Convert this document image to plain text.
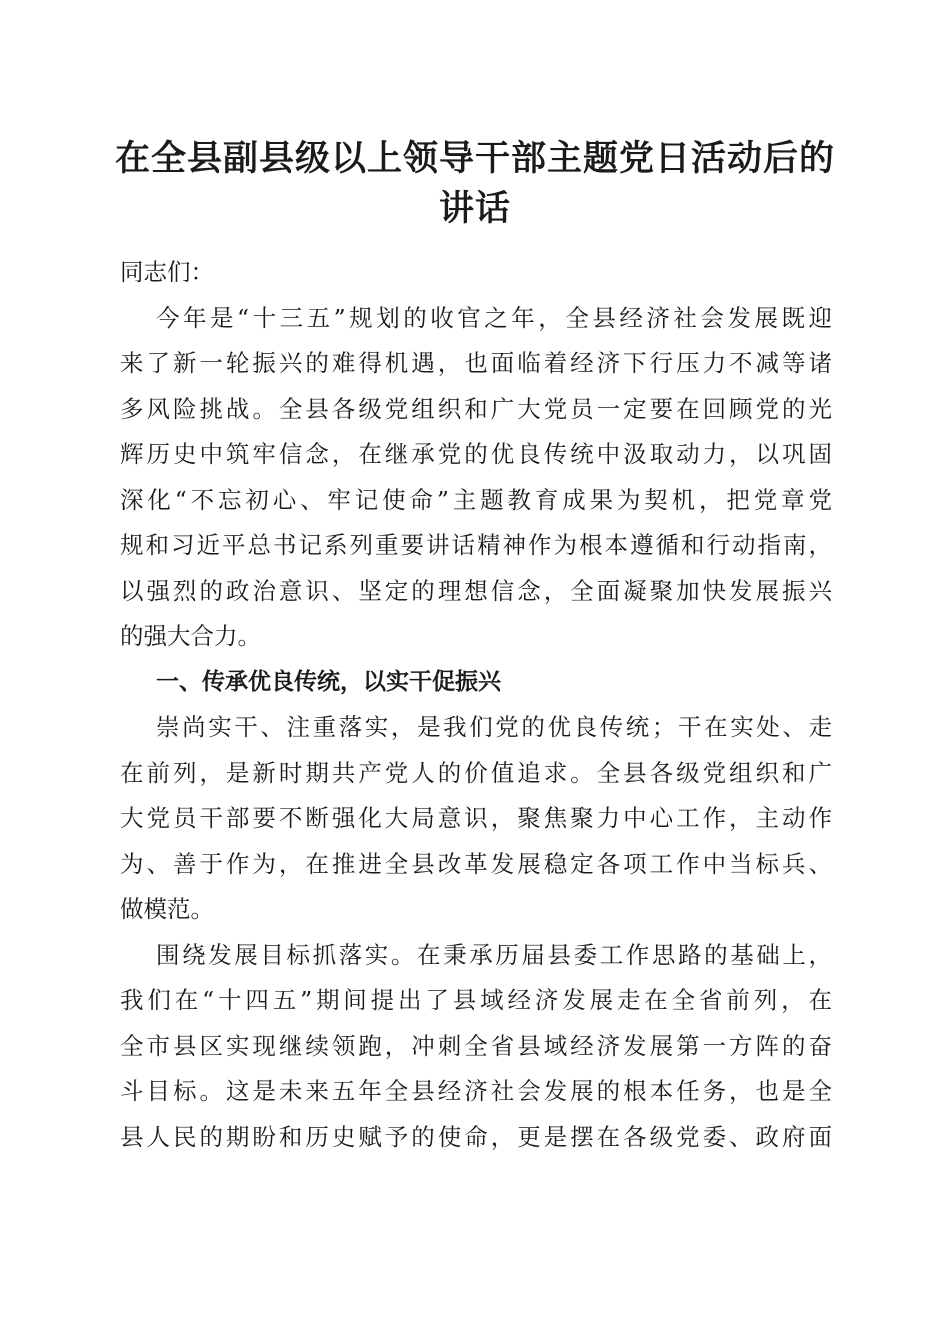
在全县副县级以上领导干部主题党日活动后的
讲话
同志们：
今年是“十三五”规划的收官之年，全县经济社会发展既迎
来了新一轮振兴的难得机遇，也面临着经济下行压力不减等诸
多风险挑战。全县各级党组织和广大党员一定要在回顾党的光
辉历史中筑牢信念，在继承党的优良传统中汲取动力，以巩固
深化“不忘初心、牢记使命”主题教育成果为契机，把党章党
规和习近平总书记系列重要讲话精神作为根本遵循和行动指南，
以强烈的政治意识、坚定的理想信念，全面凝聚加快发展振兴
的强大合力。
一、传承优良传统，以实干促振兴
崇尚实干、注重落实，是我们党的优良传统；干在实处、走
在前列，是新时期共产党人的价值追求。全县各级党组织和广
大党员干部要不断强化大局意识，聚焦聚力中心工作，主动作
为、善于作为，在推进全县改革发展稳定各项工作中当标兵、
做模范。
围绕发展目标抓落实。在秉承历届县委工作思路的基础上，
我们在“十四五”期间提出了县域经济发展走在全省前列，在
全市县区实现继续领跑，冲刺全省县域经济发展第一方阵的奋
斗目标。这是未来五年全县经济社会发展的根本任务，也是全
县人民的期盼和历史赋予的使命，更是摆在各级党委、政府面
